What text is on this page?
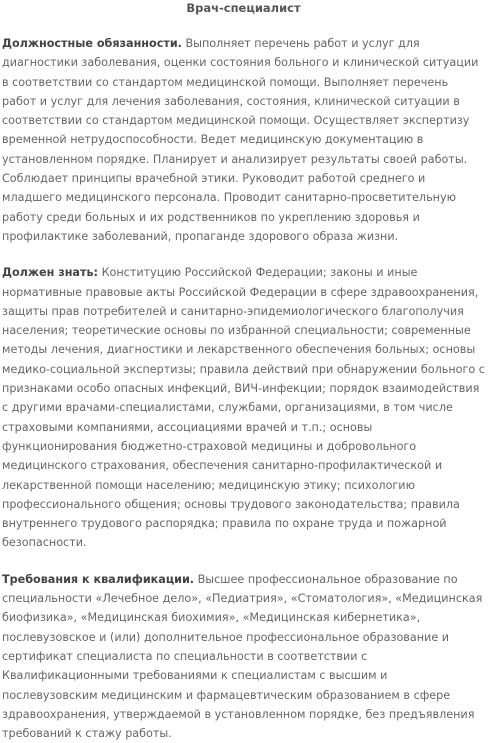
Врач-специалист

Должностные обязанности. Выполняет перечень работ и услуг для диагностики заболевания, оценки состояния больного и клинической ситуации в соответствии со стандартом медицинской помощи. Выполняет перечень работ и услуг для лечения заболевания, состояния, клинической ситуации в соответствии со стандартом медицинской помощи. Осуществляет экспертизу временной нетрудоспособности. Ведет медицинскую документацию в установленном порядке. Планирует и анализирует результаты своей работы. Соблюдает принципы врачебной этики. Руководит работой среднего и младшего медицинского персонала. Проводит санитарно-просветительную работу среди больных и их родственников по укреплению здоровья и профилактике заболеваний, пропаганде здорового образа жизни.

Должен знать: Конституцию Российской Федерации; законы и иные нормативные правовые акты Российской Федерации в сфере здравоохранения, защиты прав потребителей и санитарно-эпидемиологического благополучия населения; теоретические основы по избранной специальности; современные методы лечения, диагностики и лекарственного обеспечения больных; основы медико-социальной экспертизы; правила действий при обнаружении больного с признаками особо опасных инфекций, ВИЧ-инфекции; порядок взаимодействия с другими врачами-специалистами, службами, организациями, в том числе страховыми компаниями, ассоциациями врачей и т.п.; основы функционирования бюджетно-страховой медицины и добровольного медицинского страхования, обеспечения санитарно-профилактической и лекарственной помощи населению; медицинскую этику; психологию профессионального общения; основы трудового законодательства; правила внутреннего трудового распорядка; правила по охране труда и пожарной безопасности.

Требования к квалификации. Высшее профессиональное образование по специальности «Лечебное дело», «Педиатрия», «Стоматология», «Медицинская биофизика», «Медицинская биохимия», «Медицинская кибернетика», послевузовское и (или) дополнительное профессиональное образование и сертификат специалиста по специальности в соответствии с Квалификационными требованиями к специалистам с высшим и послевузовским медицинским и фармацевтическим образованием в сфере здравоохранения, утверждаемой в установленном порядке, без предъявления требований к стажу работы.
